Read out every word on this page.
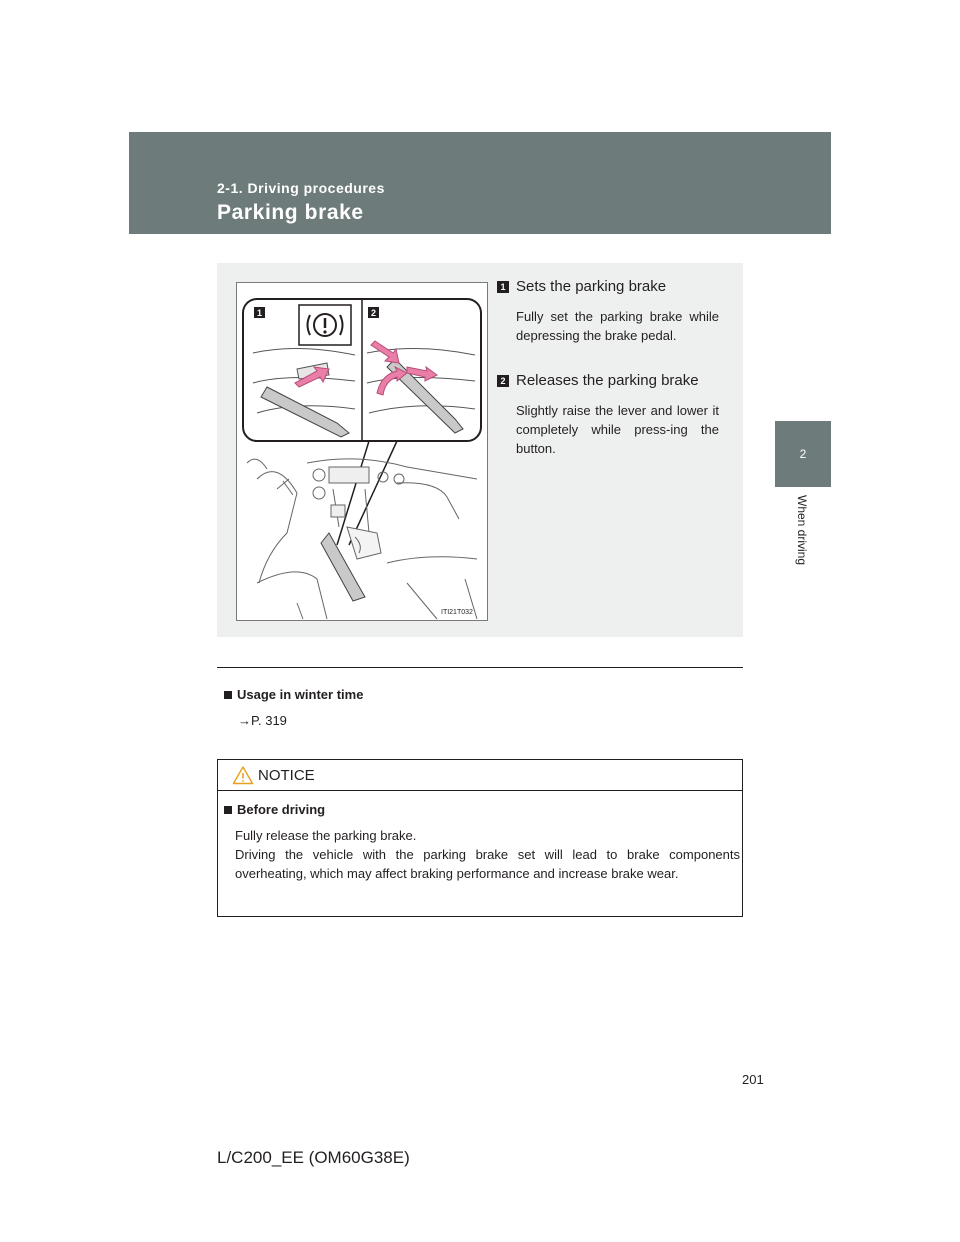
2-1. Driving procedures
Parking brake
2
When driving
1	2
ITI21T032
1 Sets the parking brake
Fully set the parking brake while depressing the brake pedal.
2 Releases the parking brake
Slightly raise the lever and lower it completely while press-ing the button.
Usage in winter time
→P. 319
NOTICE
Before driving

Fully release the parking brake.

Driving the vehicle with the parking brake set will lead to brake components overheating, which may affect braking performance and increase brake wear.

201
L/C200_EE (OM60G38E)
